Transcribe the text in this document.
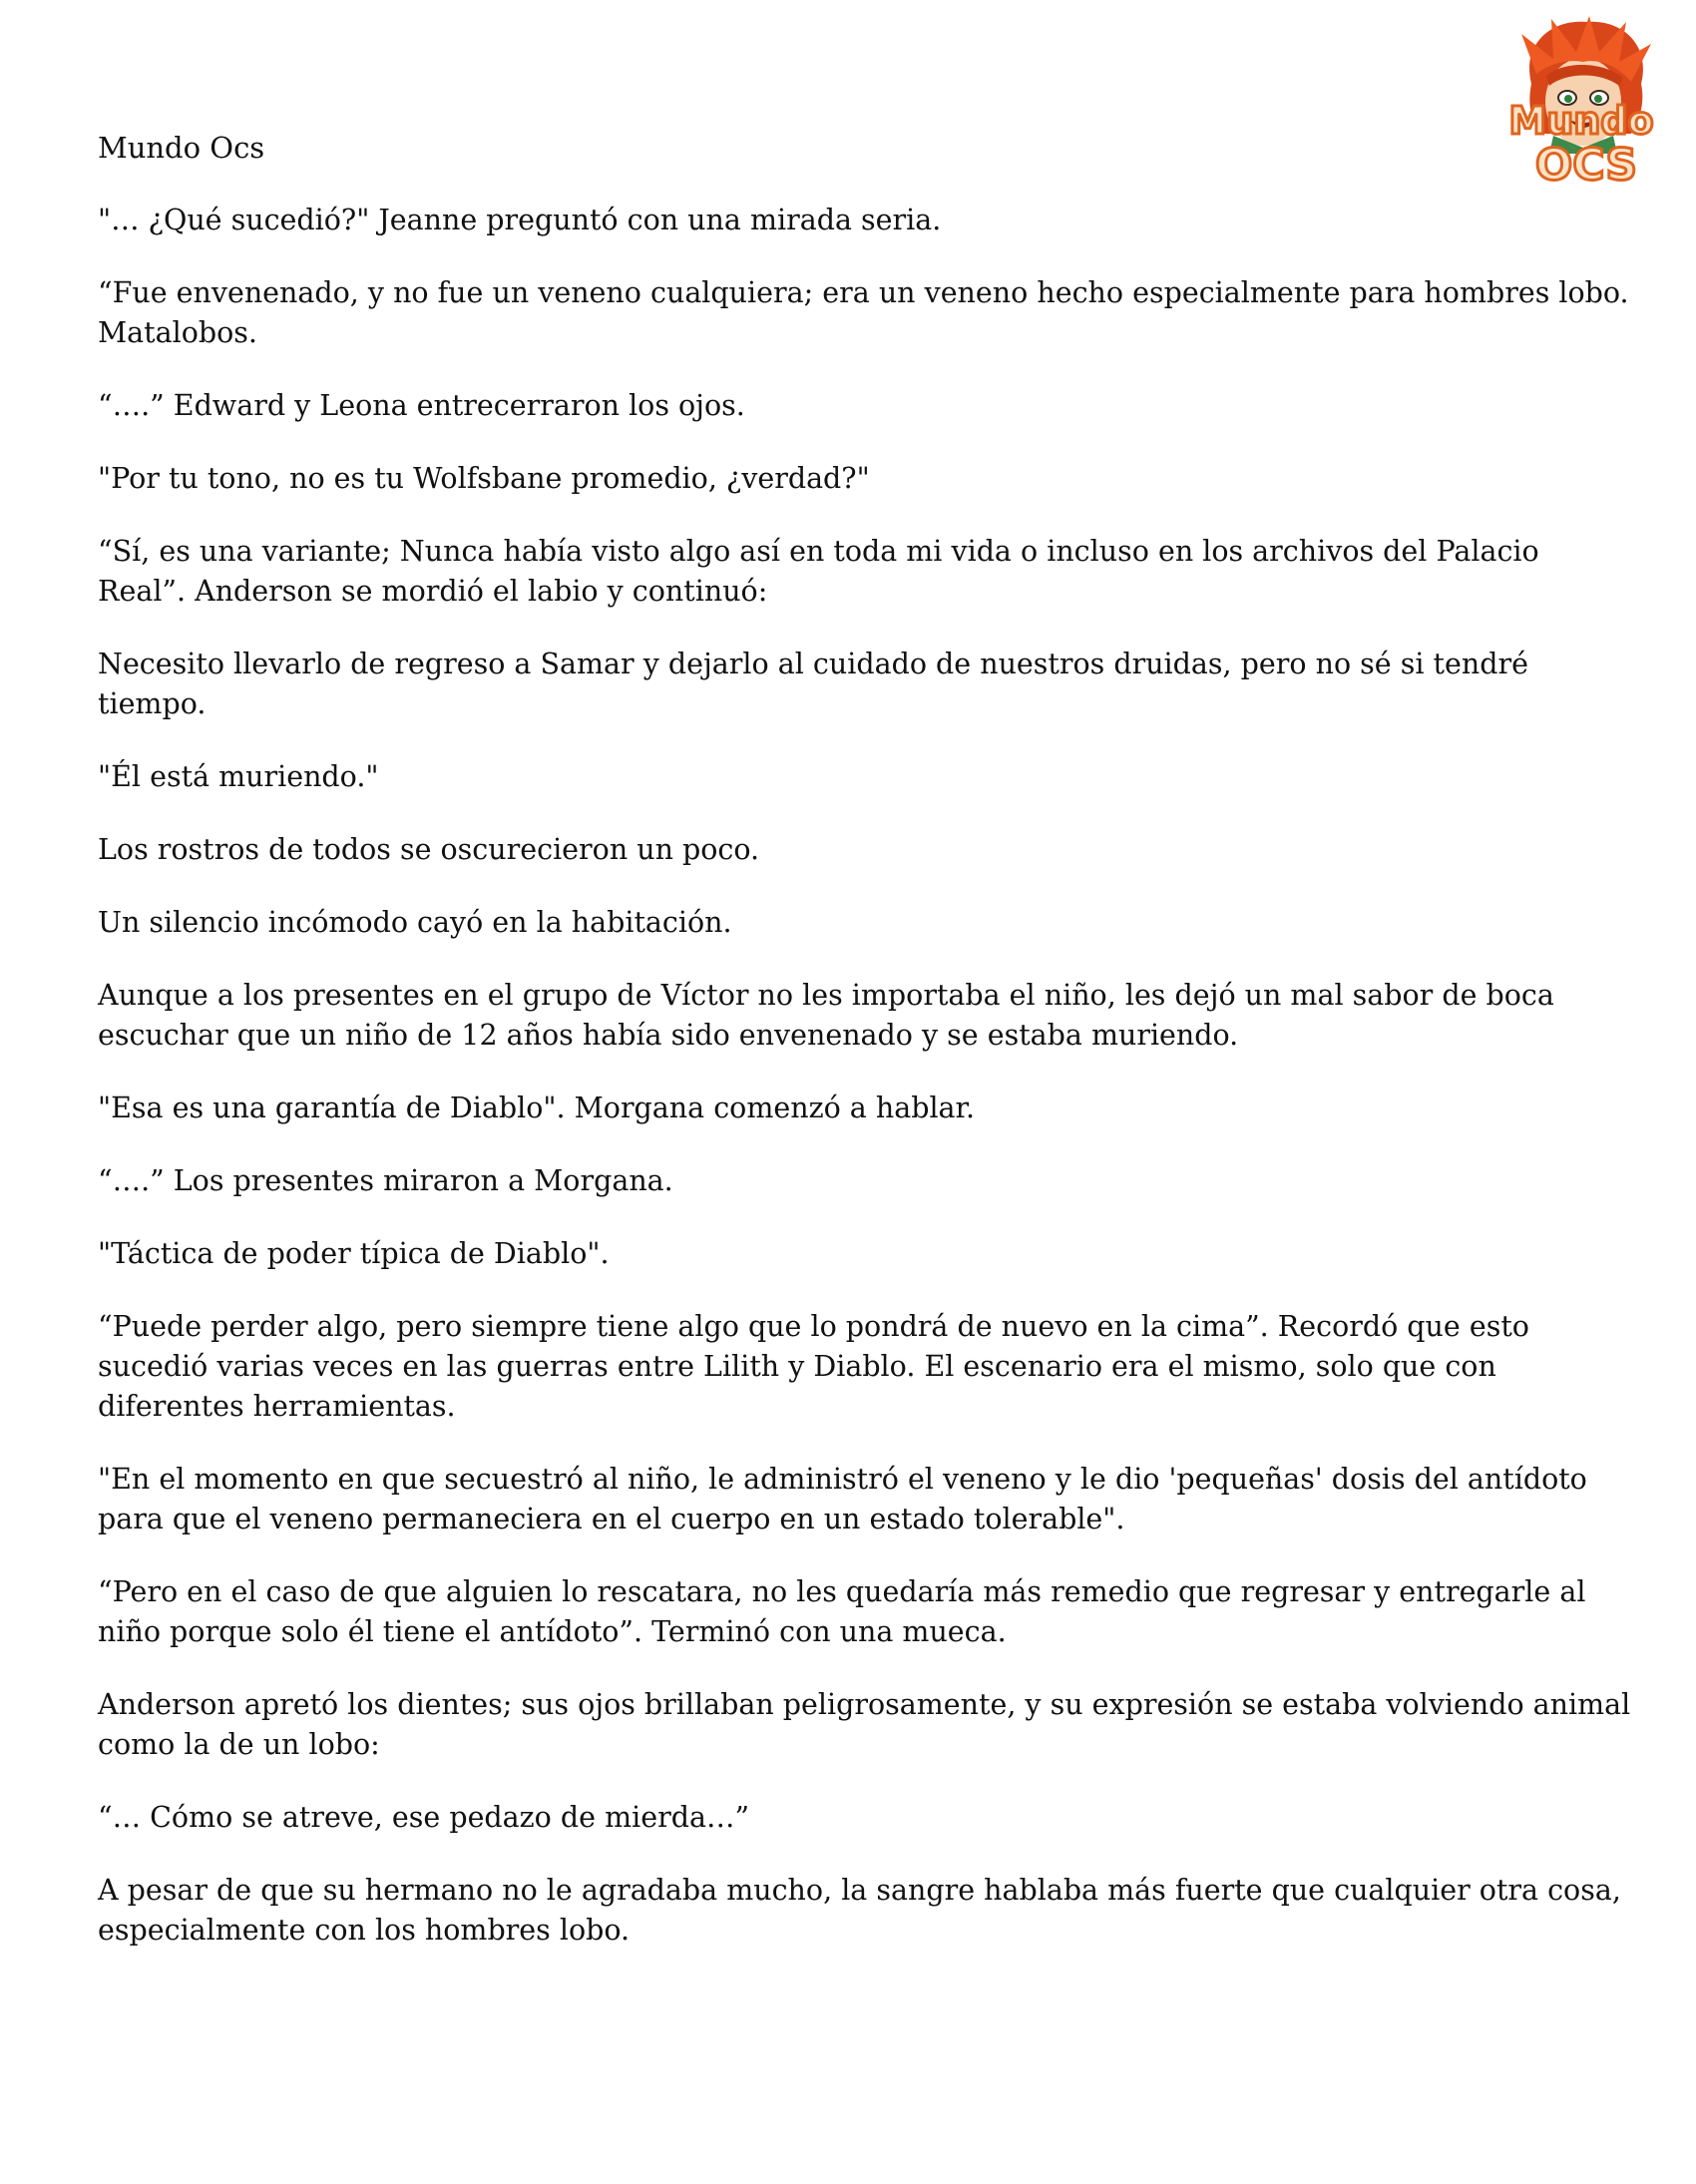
Mundo Ocs
Mundo
OCS

"… ¿Qué sucedió?" Jeanne preguntó con una mirada seria.

“Fue envenenado, y no fue un veneno cualquiera; era un veneno hecho especialmente para hombres lobo. Matalobos.

“….” Edward y Leona entrecerraron los ojos.

"Por tu tono, no es tu Wolfsbane promedio, ¿verdad?"

“Sí, es una variante; Nunca había visto algo así en toda mi vida o incluso en los archivos del Palacio Real”. Anderson se mordió el labio y continuó:

Necesito llevarlo de regreso a Samar y dejarlo al cuidado de nuestros druidas, pero no sé si tendré tiempo.

"Él está muriendo."

Los rostros de todos se oscurecieron un poco.

Un silencio incómodo cayó en la habitación.

Aunque a los presentes en el grupo de Víctor no les importaba el niño, les dejó un mal sabor de boca escuchar que un niño de 12 años había sido envenenado y se estaba muriendo.

"Esa es una garantía de Diablo". Morgana comenzó a hablar.

“….” Los presentes miraron a Morgana.

"Táctica de poder típica de Diablo".

“Puede perder algo, pero siempre tiene algo que lo pondrá de nuevo en la cima”. Recordó que esto sucedió varias veces en las guerras entre Lilith y Diablo. El escenario era el mismo, solo que con diferentes herramientas.

"En el momento en que secuestró al niño, le administró el veneno y le dio 'pequeñas' dosis del antídoto para que el veneno permaneciera en el cuerpo en un estado tolerable".

“Pero en el caso de que alguien lo rescatara, no les quedaría más remedio que regresar y entregarle al niño porque solo él tiene el antídoto”. Terminó con una mueca.

Anderson apretó los dientes; sus ojos brillaban peligrosamente, y su expresión se estaba volviendo animal como la de un lobo:

“… Cómo se atreve, ese pedazo de mierda…”

A pesar de que su hermano no le agradaba mucho, la sangre hablaba más fuerte que cualquier otra cosa, especialmente con los hombres lobo.
